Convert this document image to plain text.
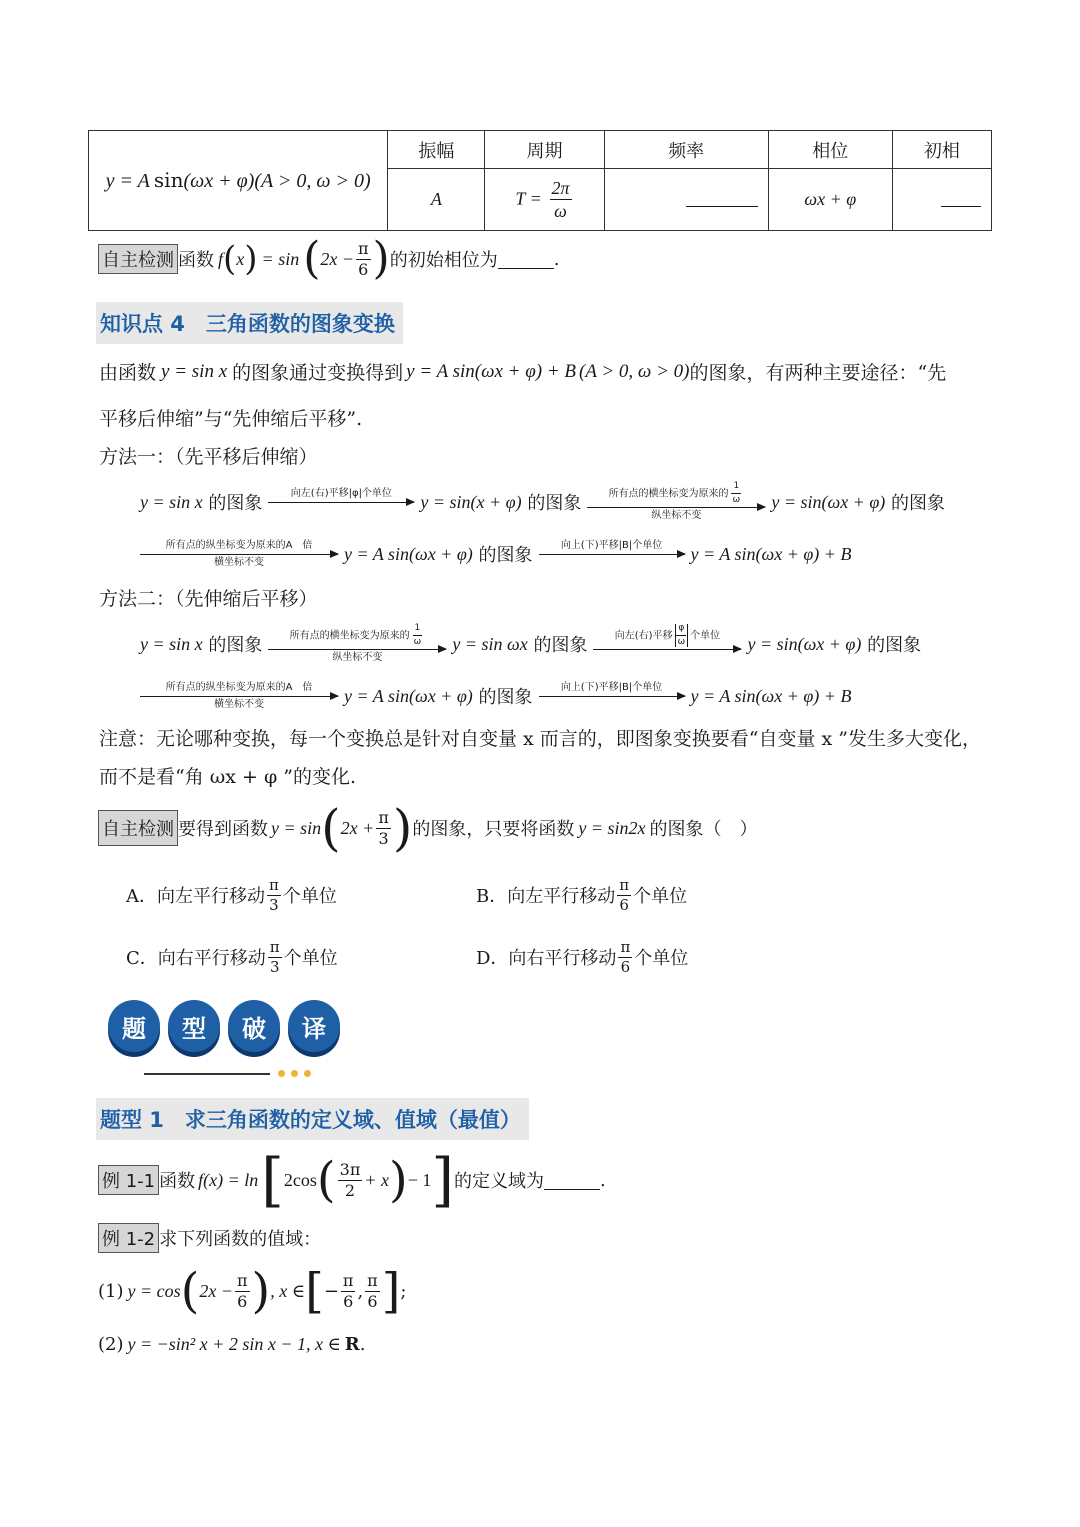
y = A  sin(ωx + φ)(A > 0, ω > 0)	振幅	周期	频率	相位	初相
	A	$T = \frac{2\pi}{\omega}$		ωx + φ	
自主检测 函数 f ( x ) = sin ( $2x - \frac{\pi}{6}$ ) 的初始相位为	.
知识点 4　三角函数的图象变换
由函数 y = sin x 的图象通过变换得到 y = A sin(ωx + φ) + B (A > 0, ω > 0) 的图象，有两种主要途径：“先
平移后伸缩”与“先伸缩后平移”.
方法一：（先平移后伸缩）
y = sin x
的图象	向左(右)平移|φ|个单位 y = sin(x + φ)
的图象	所有点的横坐标变为原来的 $\frac{1}{\omega}$
纵坐标不变
y = sin(ωx + φ)
的图象
所有点的纵坐标变为原来的A　倍
横坐标不变	y = A sin(ωx + φ)
的图象	向上(下)平移|B|个单位 y = A sin(ωx + φ) + B
方法二：（先伸缩后平移）
y = sin x
的图象	所有点的横坐标变为原来的 $\frac{1}{\omega}$
纵坐标不变
y = sin ωx
的图象	向左(右)平移 $\frac{\varphi}{\omega}$ 个单位 y = sin(ωx + φ)
的图象
所有点的纵坐标变为原来的A　倍
横坐标不变	y = A sin(ωx + φ)
的图象	向上(下)平移|B|个单位 y = A sin(ωx + φ) + B
注意：无论哪种变换，每一个变换总是针对自变量 x 而言的，即图象变换要看“自变量 x ”发生多大变化，
而不是看“角 ωx + φ ”的变化.
自主检测 要得到函数 y = sin ( $2x + \frac{\pi}{3}$ ) 的图象，只要将函数 y = sin2x 的图象（　）
A．向左平行移动 $\frac{\pi}{3}$ 个单位	B．向左平行移动 $\frac{\pi}{6}$ 个单位
C．向右平行移动 $\frac{\pi}{3}$ 个单位	D．向右平行移动 $\frac{\pi}{6}$ 个单位
题	型	破	译
题型 1　求三角函数的定义域、值域（最值）
例 1-1 函数 f(x) = ln [ 2cos ( $\frac{3\pi}{2} + x$ ) − 1 ] 的定义域为	.
例 1-2 求下列函数的值域：
(1) y = cos ( $2x - \frac{\pi}{6}$ ) , x ∈ [ − $\frac{\pi}{6}$ , $\frac{\pi}{6}$ ] ;
(2) y = −sin² x + 2 sin x − 1, x ∈ R .
